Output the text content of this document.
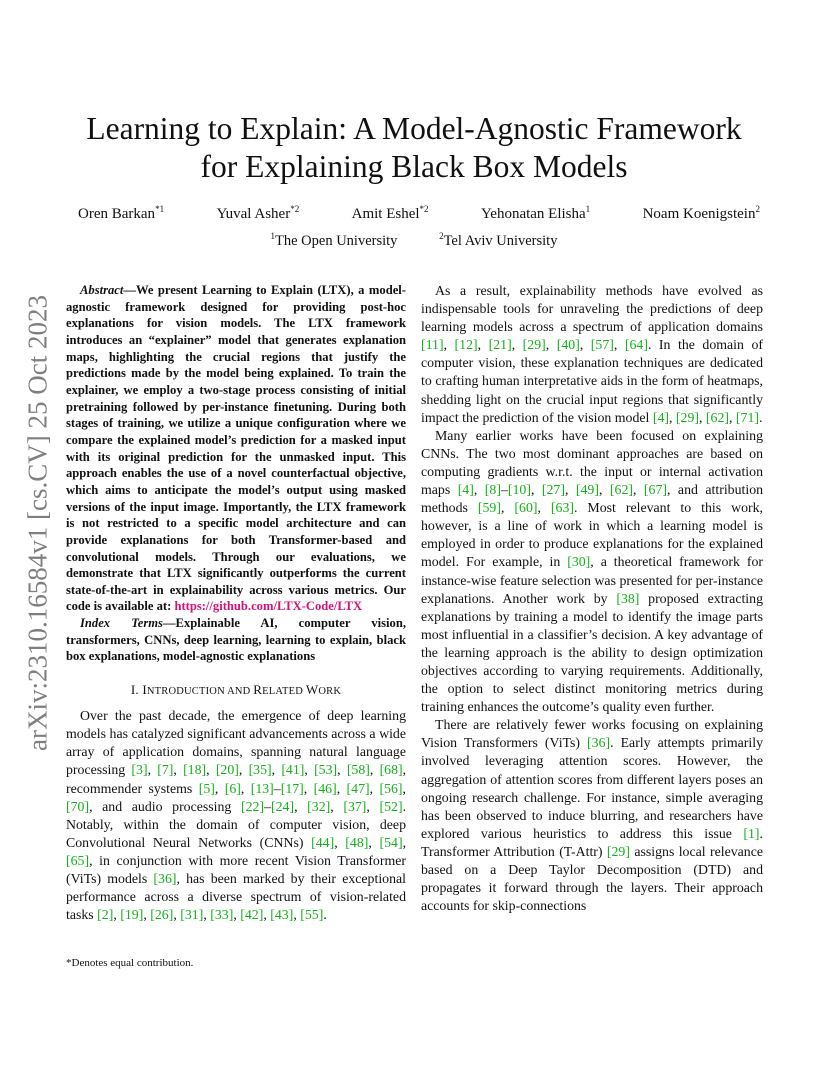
arXiv:2310.16584v1 [cs.CV] 25 Oct 2023
Learning to Explain: A Model-Agnostic Framework
for Explaining Black Box Models
Oren Barkan$^{*1}$	Yuval Asher$^{*2}$	Amit Eshel$^{*2}$	Yehonatan Elisha$^1$	Noam Koenigstein$^2$
$^1$The Open University	$^2$Tel Aviv University

Abstract—We present Learning to Explain (LTX), a model-agnostic framework designed for providing post-hoc explanations for vision models. The LTX framework introduces an “explainer” model that generates explanation maps, highlighting the crucial regions that justify the predictions made by the model being explained. To train the explainer, we employ a two-stage process consisting of initial pretraining followed by per-instance finetuning. During both stages of training, we utilize a unique configuration where we compare the explained model’s prediction for a masked input with its original prediction for the unmasked input. This approach enables the use of a novel counterfactual objective, which aims to anticipate the model’s output using masked versions of the input image. Importantly, the LTX framework is not restricted to a specific model architecture and can provide explanations for both Transformer-based and convolutional models. Through our evaluations, we demonstrate that LTX significantly outperforms the current state-of-the-art in explainability across various metrics. Our code is available at: https://github.com/LTX-Code/LTX

Index Terms—Explainable AI, computer vision, transformers, CNNs, deep learning, learning to explain, black box explanations, model-agnostic explanations

I. INTRODUCTION AND RELATED WORK

Over the past decade, the emergence of deep learning models has catalyzed significant advancements across a wide array of application domains, spanning natural language processing [3], [7], [18], [20], [35], [41], [53], [58], [68], recommender systems [5], [6], [13]–[17], [46], [47], [56], [70], and audio processing [22]–[24], [32], [37], [52]. Notably, within the domain of computer vision, deep Convolutional Neural Networks (CNNs) [44], [48], [54], [65], in conjunction with more recent Vision Transformer (ViTs) models [36], has been marked by their exceptional performance across a diverse spectrum of vision-related tasks [2], [19], [26], [31], [33], [42], [43], [55].

*Denotes equal contribution.

As a result, explainability methods have evolved as indispensable tools for unraveling the predictions of deep learning models across a spectrum of application domains [11], [12], [21], [29], [40], [57], [64]. In the domain of computer vision, these explanation techniques are dedicated to crafting human interpretative aids in the form of heatmaps, shedding light on the crucial input regions that significantly impact the prediction of the vision model [4], [29], [62], [71].

Many earlier works have been focused on explaining CNNs. The two most dominant approaches are based on computing gradients w.r.t. the input or internal activation maps [4], [8]–[10], [27], [49], [62], [67], and attribution methods [59], [60], [63]. Most relevant to this work, however, is a line of work in which a learning model is employed in order to produce explanations for the explained model. For example, in [30], a theoretical framework for instance-wise feature selection was presented for per-instance explanations. Another work by [38] proposed extracting explanations by training a model to identify the image parts most influential in a classifier’s decision. A key advantage of the learning approach is the ability to design optimization objectives according to varying requirements. Additionally, the option to select distinct monitoring metrics during training enhances the outcome’s quality even further.

There are relatively fewer works focusing on explaining Vision Transformers (ViTs) [36]. Early attempts primarily involved leveraging attention scores. However, the aggregation of attention scores from different layers poses an ongoing research challenge. For instance, simple averaging has been observed to induce blurring, and researchers have explored various heuristics to address this issue [1]. Transformer Attribution (T-Attr) [29] assigns local relevance based on a Deep Taylor Decomposition (DTD) and propagates it forward through the layers. Their approach accounts for skip-connections
